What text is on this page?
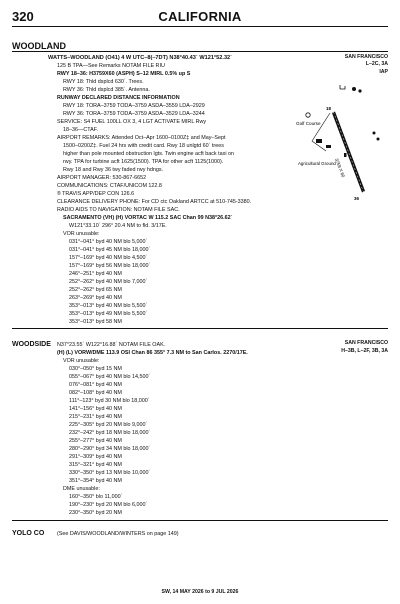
320	CALIFORNIA
WOODLAND
SAN FRANCISCO
L–2C, 3A
IAP
WATTS–WOODLAND (O41) 4 W UTC–8(–7DT) N38°40.43´ W121°52.32´
125 B TPA—See Remarks NOTAM FILE RIU
RWY 18–36: H3759X60 (ASPH) S–12 MIRL 0.5% up S
RWY 18: Thld dsplcd 630´. Trees.
RWY 36: Thld dsplcd 385´. Antenna.
RUNWAY DECLARED DISTANCE INFORMATION
RWY 18: TORA–3759 TODA–3759 ASDA–3559 LDA–2929
RWY 36: TORA–3759 TODA–3759 ASDA–3529 LDA–3244
SERVICE: S4 FUEL 100LL OX 3, 4 LGT ACTIVATE MIRL Rwy
18–36—CTAF.
AIRPORT REMARKS: Attended Oct–Apr 1600–0100Z‡ and May–Sept
1500–0200Z‡. Fuel 24 hrs with credit card. Rwy 18 unlgtd 60´ trees
higher than pole mounted obstruction lgts. Twin engine acft back taxi on
rwy. TPA for turbine acft 1625(1500). TPA for other acft 1125(1000).
Rwy 18 and Rwy 36 twy faded rwy hdngs.
AIRPORT MANAGER: 530-867-6652
COMMUNICATIONS: CTAF/UNICOM 122.8
® TRAVIS APP/DEP CON 126.6
CLEARANCE DELIVERY PHONE: For CD ctc Oakland ARTCC at 510-745-3380.
RADIO AIDS TO NAVIGATION: NOTAM FILE SAC.
SACRAMENTO (VH) (H) VORTAC W 115.2 SAC Chan 99 N38°26.62´
W121°33.10´ 296° 20.4 NM to fld. 3/17E.
VOR unusable:
031°–041° byd 40 NM blo 5,000´
031°–041° byd 45 NM blo 18,000´
157°–169° byd 40 NM blo 4,500´
157°–169° byd 56 NM blo 18,000´
246°–251° byd 40 NM
252°–262° byd 40 NM blo 7,000´
252°–262° byd 65 NM
263°–269° byd 40 NM
353°–013° byd 40 NM blo 5,500´
353°–013° byd 49 NM blo 5,500´
353°–013° byd 58 NM
Golf Course
18
3759 X 60
36
Agricultural Ground
WOODSIDE N37°23.55´ W122°16.88´ NOTAM FILE OAK.	SAN FRANCISCO
H–3B, L–2F, 3B, 3A
(H) (L) VORW/DME 113.9 OSI Chan 86 355° 7.3 NM to San Carlos. 2270/17E.
VOR unusable:
030°–050° byd 15 NM
055°–067° byd 40 NM blo 14,500´
076°–081° byd 40 NM
082°–108° byd 40 NM
111°–123° byd 30 NM blo 18,000´
141°–156° byd 40 NM
215°–231° byd 40 NM
225°–305° byd 20 NM blo 9,000´
232°–242° byd 18 NM blo 18,000´
255°–277° byd 40 NM
280°–290° byd 34 NM blo 18,000´
291°–309° byd 40 NM
315°–321° byd 40 NM
330°–350° byd 13 NM blo 10,000´
351°–354° byd 40 NM
DME unusable:
160°–350° blo 11,000´
190°–230° byd 20 NM blo 6,000´
230°–350° byd 20 NM
YOLO CO (See DAVIS/WOODLAND/WINTERS on page 149)
SW, 14 MAY 2026 to 9 JUL 2026
